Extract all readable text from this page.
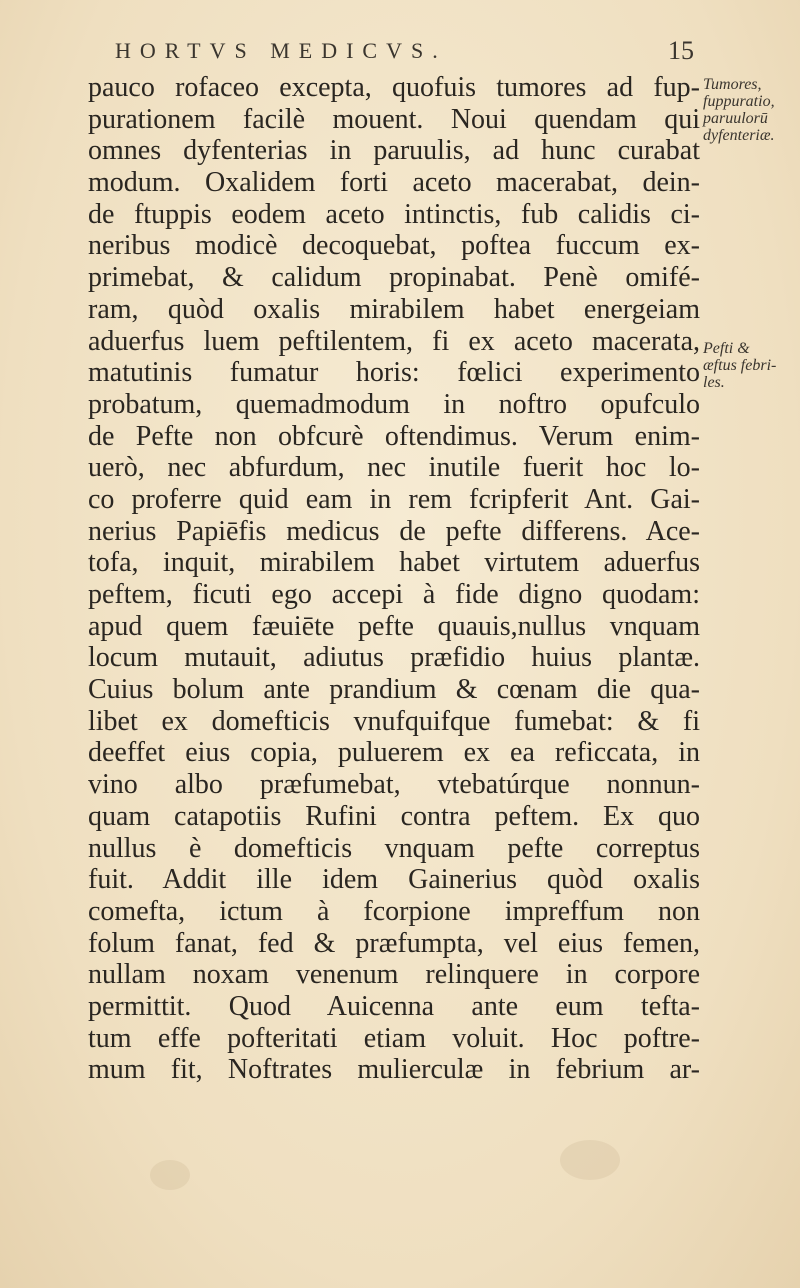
HORTVS MEDICVS.	15
pauco rofaceo excepta, quofuis tumores ad fup-
purationem facilè mouent. Noui quendam qui
omnes dyfenterias in paruulis, ad hunc curabat
modum. Oxalidem forti aceto macerabat, dein-
de ftuppis eodem aceto intinctis, fub calidis ci-
neribus modicè decoquebat, poftea fuccum ex-
primebat, & calidum propinabat. Penè omifé-
ram, quòd oxalis mirabilem habet energeiam
aduerfus luem peftilentem, fi ex aceto macerata,
matutinis fumatur horis: fœlici experimento
probatum, quemadmodum in noftro opufculo
de Pefte non obfcurè oftendimus. Verum enim-
uerò, nec abfurdum, nec inutile fuerit hoc lo-
co proferre quid eam in rem fcripferit Ant. Gai-
nerius Papiēfis medicus de pefte differens. Ace-
tofa, inquit, mirabilem habet virtutem aduerfus
peftem, ficuti ego accepi à fide digno quodam:
apud quem fæuiēte pefte quauis,nullus vnquam
locum mutauit, adiutus præfidio huius plantæ.
Cuius bolum ante prandium & cœnam die qua-
libet ex domefticis vnufquifque fumebat: & fi
deeffet eius copia, puluerem ex ea reficcata, in
vino albo præfumebat, vtebatúrque nonnun-
quam catapotiis Rufini contra peftem. Ex quo
nullus è domefticis vnquam pefte correptus
fuit. Addit ille idem Gainerius quòd oxalis
comefta, ictum à fcorpione impreffum non
folum fanat, fed & præfumpta, vel eius femen,
nullam noxam venenum relinquere in corpore
permittit. Quod Auicenna ante eum tefta-
tum effe pofteritati etiam voluit. Hoc poftre-
mum fit, Noftrates mulierculæ in febrium ar-
Tumores,
fuppuratio,
paruulorū
dyfenteriæ.
Pefti &
æftus febri-
les.
